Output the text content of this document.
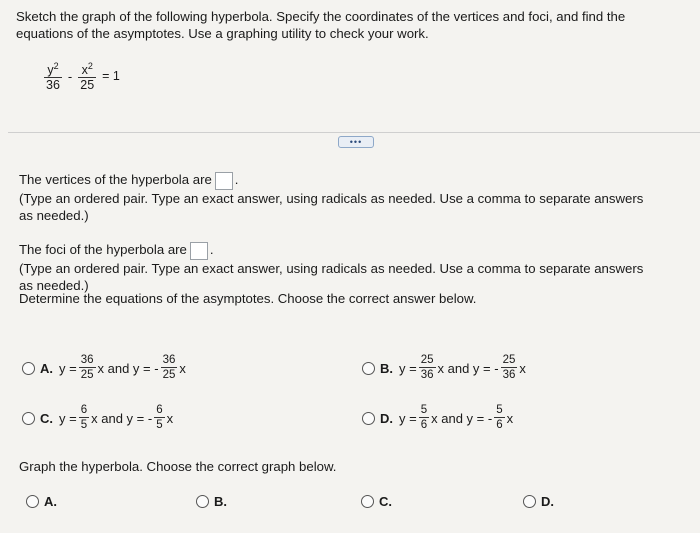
Sketch the graph of the following hyperbola. Specify the coordinates of the vertices and foci, and find the
equations of the asymptotes. Use a graphing utility to check your work.
$\frac{y^2}{36} - \frac{x^2}{25} = 1$
•••
The vertices of the hyperbola are .
(Type an ordered pair. Type an exact answer, using radicals as needed. Use a comma to separate answers
as needed.)
The foci of the hyperbola are .
(Type an ordered pair. Type an exact answer, using radicals as needed. Use a comma to separate answers
as needed.)
Determine the equations of the asymptotes. Choose the correct answer below.
A. $y = \frac{36}{25}$ x and y = - $\frac{36}{25}$ x	B. $y = \frac{25}{36}$ x and y = - $\frac{25}{36}$ x
C. $y = \frac{6}{5}$ x and y = - $\frac{6}{5}$ x	D. $y = \frac{5}{6}$ x and y = - $\frac{5}{6}$ x
Graph the hyperbola. Choose the correct graph below.
A.	B.	C.	D.
